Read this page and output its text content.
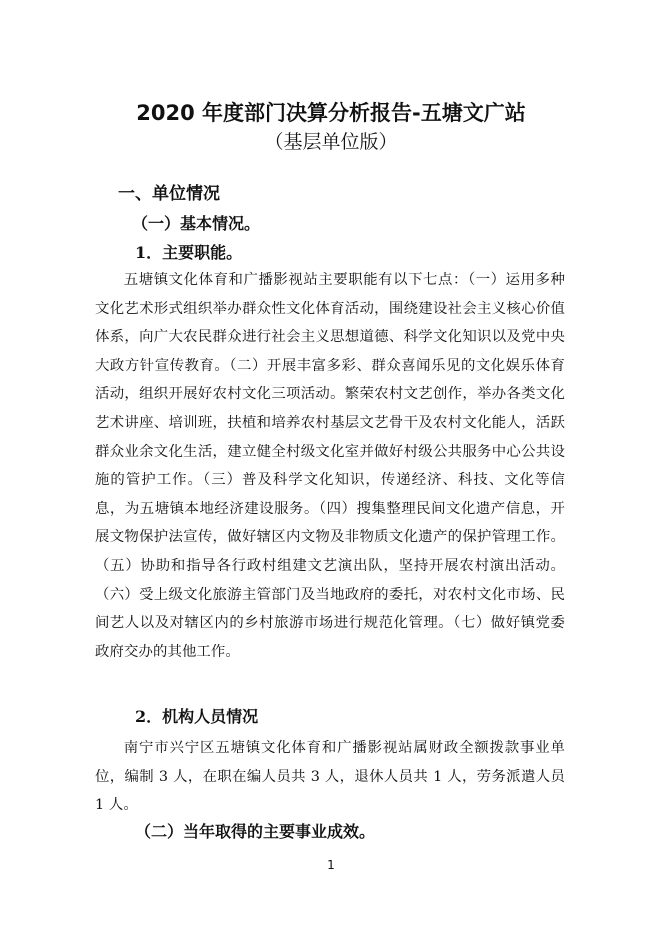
2020 年度部门决算分析报告-五塘文广站
（基层单位版）
一、单位情况
（一）基本情况。
1．主要职能。

五塘镇文化体育和广播影视站主要职能有以下七点：（一）运用多种文化艺术形式组织举办群众性文化体育活动，围绕建设社会主义核心价值体系，向广大农民群众进行社会主义思想道德、科学文化知识以及党中央大政方针宣传教育。（二）开展丰富多彩、群众喜闻乐见的文化娱乐体育活动，组织开展好农村文化三项活动。繁荣农村文艺创作，举办各类文化艺术讲座、培训班，扶植和培养农村基层文艺骨干及农村文化能人，活跃群众业余文化生活，建立健全村级文化室并做好村级公共服务中心公共设施的管护工作。（三）普及科学文化知识，传递经济、科技、文化等信息，为五塘镇本地经济建设服务。（四）搜集整理民间文化遗产信息，开展文物保护法宣传，做好辖区内文物及非物质文化遗产的保护管理工作。（五）协助和指导各行政村组建文艺演出队，坚持开展农村演出活动。（六）受上级文化旅游主管部门及当地政府的委托，对农村文化市场、民间艺人以及对辖区内的乡村旅游市场进行规范化管理。（七）做好镇党委政府交办的其他工作。

2．机构人员情况

南宁市兴宁区五塘镇文化体育和广播影视站属财政全额拨款事业单位，编制 3 人，在职在编人员共 3 人，退休人员共 1 人，劳务派遣人员 1 人。

（二）当年取得的主要事业成效。
1
